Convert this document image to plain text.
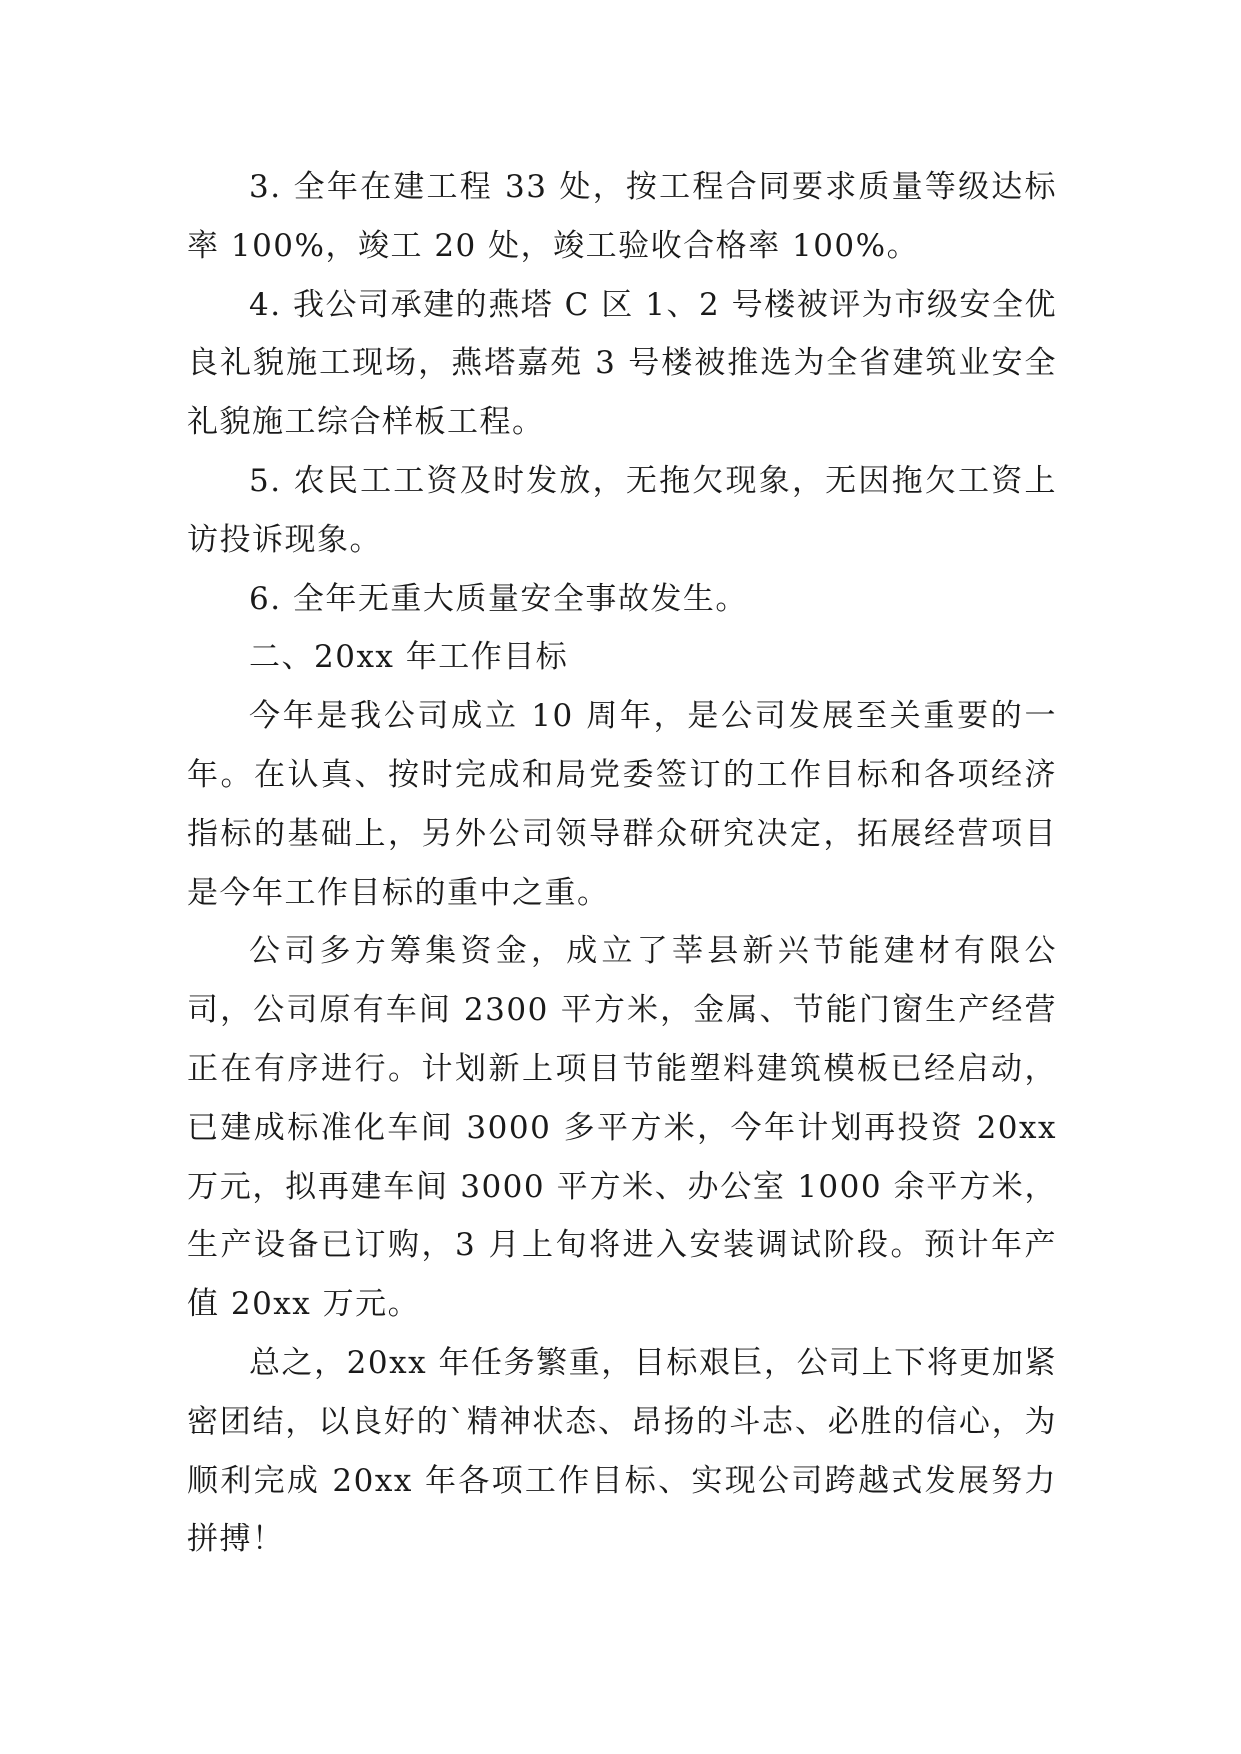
3. 全年在建工程 33 处，按工程合同要求质量等级达标率 100%，竣工 20 处，竣工验收合格率 100%。

4. 我公司承建的燕塔 C 区 1、2 号楼被评为市级安全优良礼貌施工现场，燕塔嘉苑 3 号楼被推选为全省建筑业安全礼貌施工综合样板工程。

5. 农民工工资及时发放，无拖欠现象，无因拖欠工资上访投诉现象。

6. 全年无重大质量安全事故发生。

二、20xx 年工作目标

今年是我公司成立 10 周年，是公司发展至关重要的一年。在认真、按时完成和局党委签订的工作目标和各项经济指标的基础上，另外公司领导群众研究决定，拓展经营项目是今年工作目标的重中之重。

公司多方筹集资金，成立了莘县新兴节能建材有限公司，公司原有车间 2300 平方米，金属、节能门窗生产经营正在有序进行。计划新上项目节能塑料建筑模板已经启动，已建成标准化车间 3000 多平方米，今年计划再投资 20xx 万元，拟再建车间 3000 平方米、办公室 1000 余平方米，生产设备已订购，3 月上旬将进入安装调试阶段。预计年产值 20xx 万元。

总之，20xx 年任务繁重，目标艰巨，公司上下将更加紧密团结，以良好的`精神状态、昂扬的斗志、必胜的信心，为顺利完成 20xx 年各项工作目标、实现公司跨越式发展努力拼搏！
